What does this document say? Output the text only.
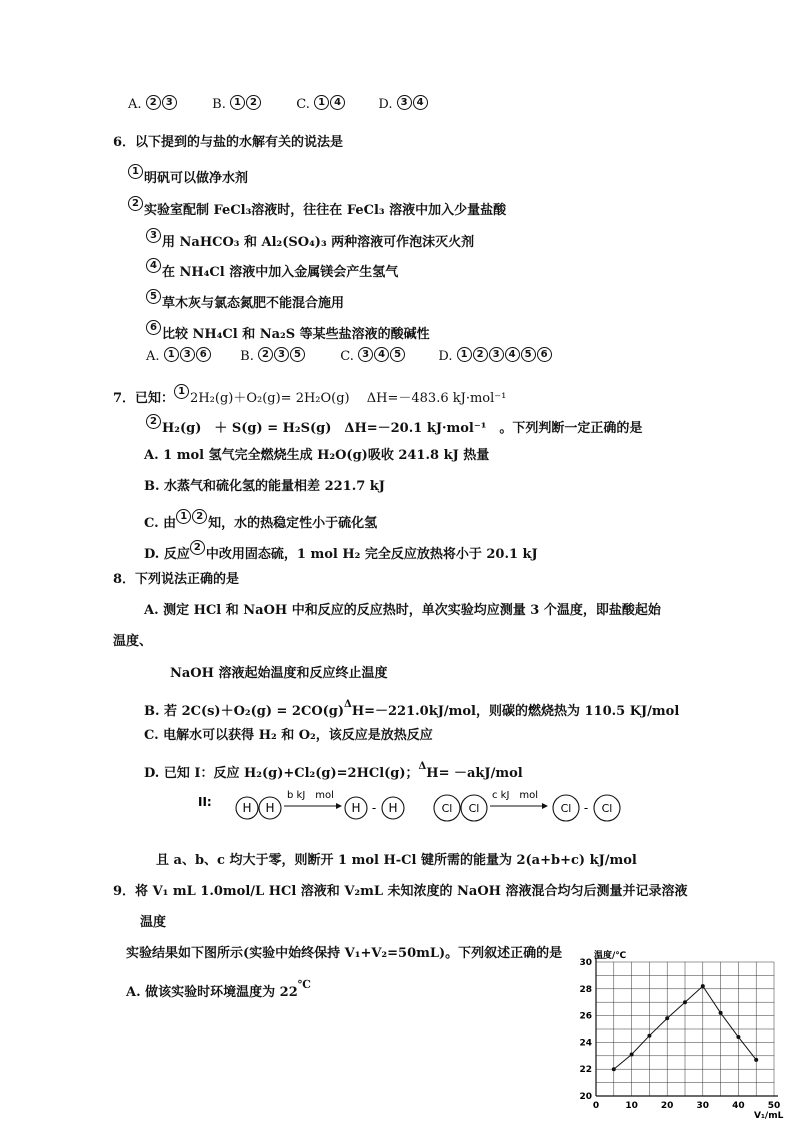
A. 2 3	B. 1 2	C. 1 4	D. 3 4
6．以下提到的与盐的水解有关的说法是
1 明矾可以做净水剂
2 实验室配制 FeCl₃溶液时，往往在 FeCl₃ 溶液中加入少量盐酸
3 用 NaHCO₃ 和 Al₂(SO₄)₃ 两种溶液可作泡沫灭火剂
4 在 NH₄Cl 溶液中加入金属镁会产生氢气
5 草木灰与氯态氮肥不能混合施用
6 比较 NH₄Cl 和 Na₂S 等某些盐溶液的酸碱性
A. 1 3 6	B. 2 3 5	C. 3 4 5	D. 1 2 3 4 5 6
7．已知： 1 2H₂(g)＋O₂(g)= 2H₂O(g)　 ΔH=－483.6 kJ·mol⁻¹
2 H₂(g)　＋ S(g) = H₂S(g)　ΔH=－20.1 kJ·mol⁻¹　。下列判断一定正确的是
A. 1 mol 氢气完全燃烧生成 H₂O(g)吸收 241.8 kJ 热量
B. 水蒸气和硫化氢的能量相差 221.7 kJ
C. 由 1 2 知，水的热稳定性小于硫化氢
D. 反应 2 中改用固态硫，1 mol H₂ 完全反应放热将小于 20.1 kJ
8．下列说法正确的是
A. 测定 HCl 和 NaOH 中和反应的反应热时，单次实验均应测量 3 个温度，即盐酸起始
温度、
NaOH 溶液起始温度和反应终止温度
B. 若 $2C(s)+O_2(g) = 2CO(g)^\Delta H=-221.0kJ$/mol，则碳的燃烧热为 110.5 KJ/mol
C. 电解水可以获得 H₂ 和 O₂，该反应是放热反应
D. 已知 I：反应 H₂(g)+Cl₂(g)=2HCl(g)；$^\Delta$H= －akJ/mol
II:	H H
b kJ　mol
H - H	Cl Cl
c kJ　mol
Cl - Cl
且 a、b、c 均大于零，则断开 1 mol H-Cl 键所需的能量为 2(a+b+c) kJ/mol
9．将 V₁ mL 1.0mol/L HCl 溶液和 V₂mL 未知浓度的 NaOH 溶液混合均匀后测量并记录溶液
温度
实验结果如下图所示(实验中始终保持 V₁+V₂=50mL)。下列叙述正确的是
A. 做该实验时环境温度为 22℃
0	10	20	30	40	50
20
22
24
26
28
30
温度/℃
V₁/mL
